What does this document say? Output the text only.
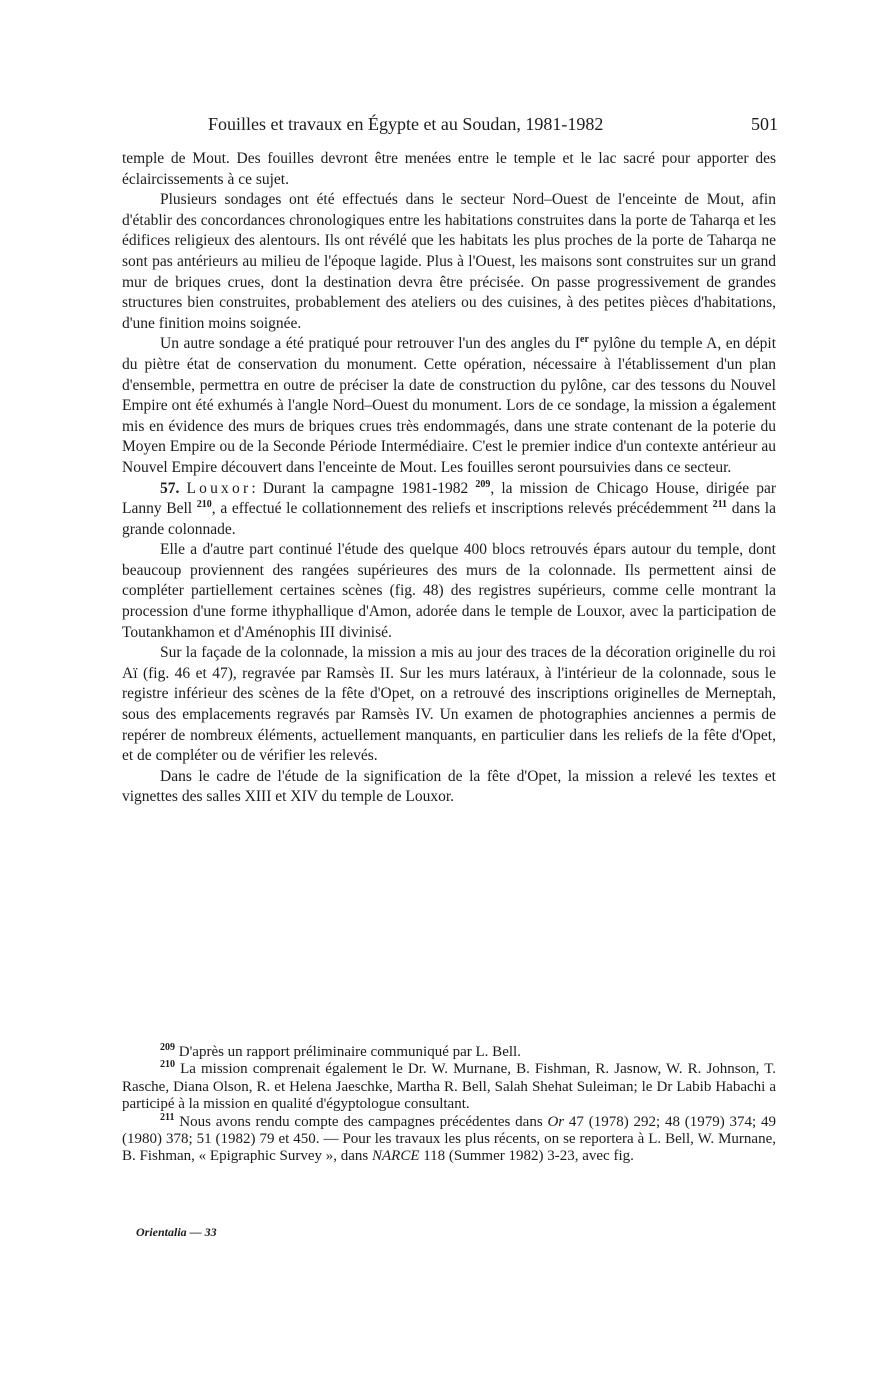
Fouilles et travaux en Égypte et au Soudan, 1981-1982	501

temple de Mout. Des fouilles devront être menées entre le temple et le lac sacré pour apporter des éclaircissements à ce sujet.

Plusieurs sondages ont été effectués dans le secteur Nord–Ouest de l'enceinte de Mout, afin d'établir des concordances chronologiques entre les habitations construites dans la porte de Taharqa et les édifices religieux des alentours. Ils ont révélé que les habitats les plus proches de la porte de Taharqa ne sont pas antérieurs au milieu de l'époque lagide. Plus à l'Ouest, les maisons sont construites sur un grand mur de briques crues, dont la destination devra être précisée. On passe progressivement de grandes structures bien construites, probablement des ateliers ou des cuisines, à des petites pièces d'habitations, d'une finition moins soignée.

Un autre sondage a été pratiqué pour retrouver l'un des angles du Ier pylône du temple A, en dépit du piètre état de conservation du monument. Cette opération, nécessaire à l'établissement d'un plan d'ensemble, permettra en outre de préciser la date de construction du pylône, car des tessons du Nouvel Empire ont été exhumés à l'angle Nord–Ouest du monument. Lors de ce sondage, la mission a également mis en évidence des murs de briques crues très endommagés, dans une strate contenant de la poterie du Moyen Empire ou de la Seconde Période Intermédiaire. C'est le premier indice d'un contexte antérieur au Nouvel Empire découvert dans l'enceinte de Mout. Les fouilles seront poursuivies dans ce secteur.

57. Louxor: Durant la campagne 1981-1982 $^{209}$, la mission de Chicago House, dirigée par Lanny Bell $^{210}$, a effectué le collationnement des reliefs et inscriptions relevés précédemment $^{211}$ dans la grande colonnade.

Elle a d'autre part continué l'étude des quelque 400 blocs retrouvés épars autour du temple, dont beaucoup proviennent des rangées supérieures des murs de la colonnade. Ils permettent ainsi de compléter partiellement certaines scènes (fig. 48) des registres supérieurs, comme celle montrant la procession d'une forme ithyphallique d'Amon, adorée dans le temple de Louxor, avec la participation de Toutankhamon et d'Aménophis III divinisé.

Sur la façade de la colonnade, la mission a mis au jour des traces de la décoration originelle du roi Aï (fig. 46 et 47), regravée par Ramsès II. Sur les murs latéraux, à l'intérieur de la colonnade, sous le registre inférieur des scènes de la fête d'Opet, on a retrouvé des inscriptions originelles de Merneptah, sous des emplacements regravés par Ramsès IV. Un examen de photographies anciennes a permis de repérer de nombreux éléments, actuellement manquants, en particulier dans les reliefs de la fête d'Opet, et de compléter ou de vérifier les relevés.

Dans le cadre de l'étude de la signification de la fête d'Opet, la mission a relevé les textes et vignettes des salles XIII et XIV du temple de Louxor.

$^{209}$ D'après un rapport préliminaire communiqué par L. Bell.

$^{210}$ La mission comprenait également le Dr. W. Murnane, B. Fishman, R. Jasnow, W. R. Johnson, T. Rasche, Diana Olson, R. et Helena Jaeschke, Martha R. Bell, Salah Shehat Suleiman; le Dr Labib Habachi a participé à la mission en qualité d'égyptologue consultant.

$^{211}$ Nous avons rendu compte des campagnes précédentes dans Or 47 (1978) 292; 48 (1979) 374; 49 (1980) 378; 51 (1982) 79 et 450. — Pour les travaux les plus récents, on se reportera à L. Bell, W. Murnane, B. Fishman, « Epigraphic Survey », dans NARCE 118 (Summer 1982) 3-23, avec fig.

Orientalia — 33
